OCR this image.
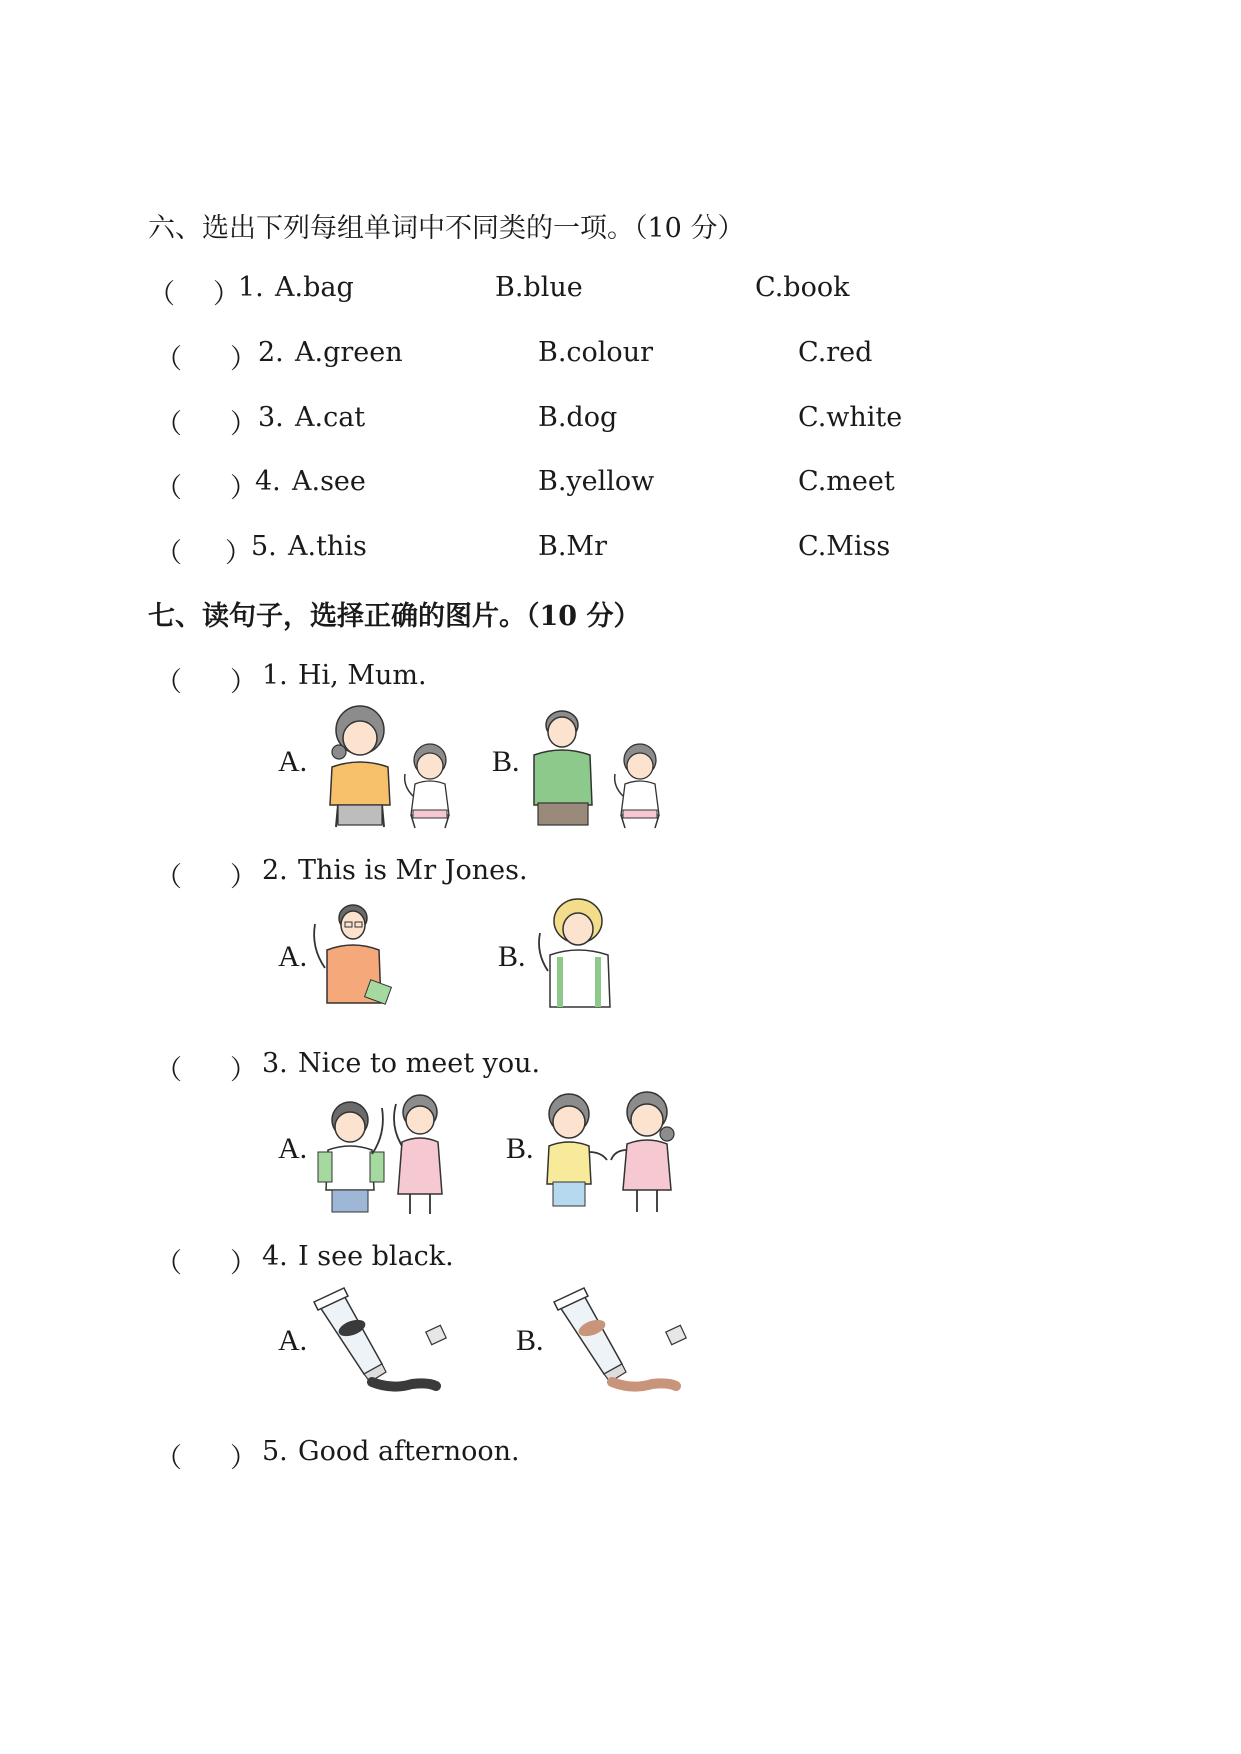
六、选出下列每组单词中不同类的一项。（10 分）
（ ）
1. A.bag	B.blue	C.book
（ ） 2. A.green	B.colour	C.red
（ ） 3. A.cat	B.dog	C.white
（ ）
4. A.see	B.yellow	C.meet
（ ） 5. A.this	B.Mr	C.Miss
七、读句子，选择正确的图片。（10 分）
（ ） 1. Hi, Mum.
A.	B.
（ ） 2. This is Mr Jones.
A.	B.
（ ） 3. Nice to meet you.
A.	B.
（ ） 4. I see black.
A.	B.
（ ） 5. Good afternoon.
